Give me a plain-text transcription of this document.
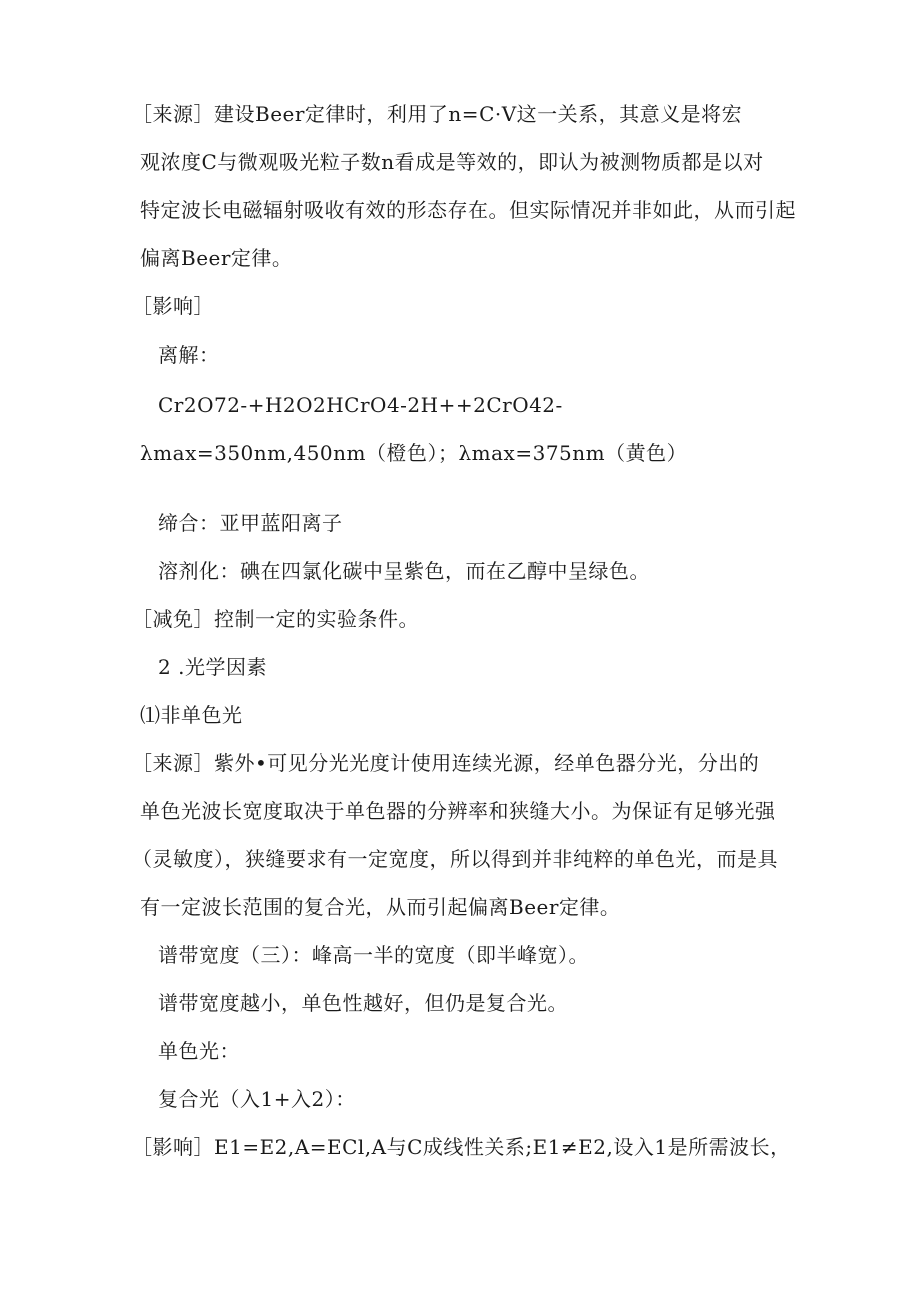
［来源］建设Beer定律时，利用了n=C·V这一关系，其意义是将宏
观浓度C与微观吸光粒子数n看成是等效的，即认为被测物质都是以对
特定波长电磁辐射吸收有效的形态存在。但实际情况并非如此，从而引起
偏离Beer定律。
［影响］
离解：
Cr2O72-+H2O2HCrO4-2H++2CrO42-
λmax=350nm,450nm（橙色）；λmax=375nm（黄色）
缔合：亚甲蓝阳离子
溶剂化：碘在四氯化碳中呈紫色，而在乙醇中呈绿色。
［减免］控制一定的实验条件。
2 .光学因素
⑴非单色光
［来源］紫外•可见分光光度计使用连续光源，经单色器分光，分出的
单色光波长宽度取决于单色器的分辨率和狭缝大小。为保证有足够光强
（灵敏度），狭缝要求有一定宽度，所以得到并非纯粹的单色光，而是具
有一定波长范围的复合光，从而引起偏离Beer定律。
谱带宽度（三）：峰高一半的宽度（即半峰宽）。
谱带宽度越小，单色性越好，但仍是复合光。
单色光：
复合光（入1+入2）：
［影响］E1=E2,A=ECl,A与C成线性关系;E1≠E2,设入1是所需波长，
